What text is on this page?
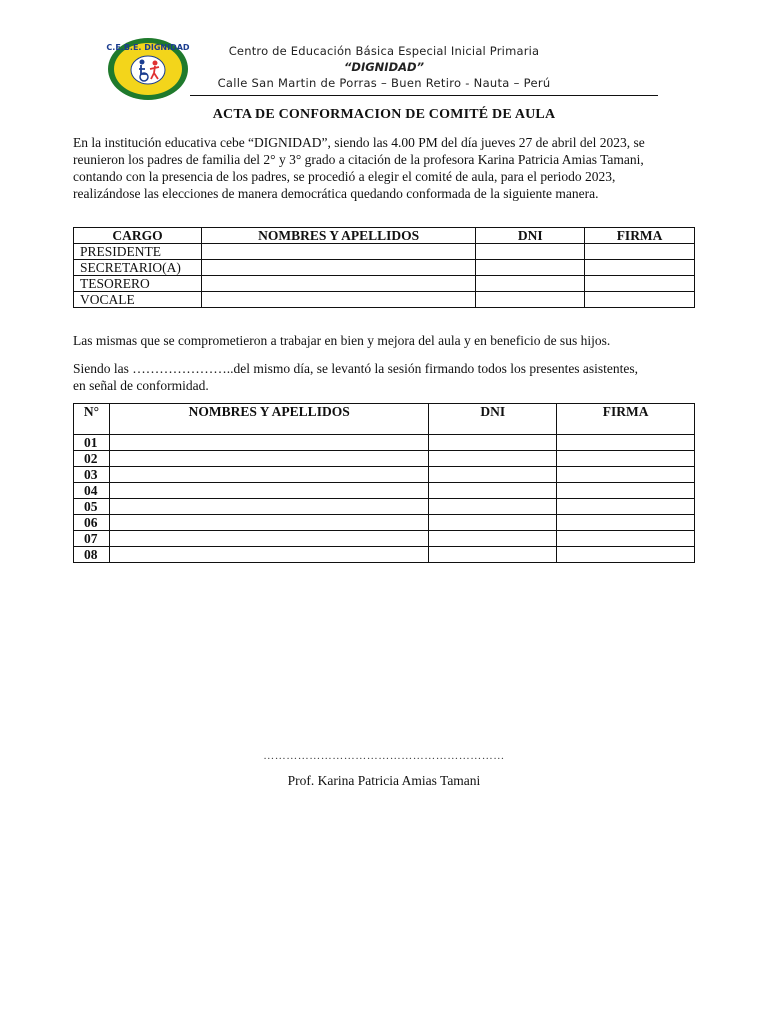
C.E.B.E. DIGNIDAD	Centro de Educación Básica Especial Inicial Primaria
“DIGNIDAD”
Calle San Martin de Porras – Buen Retiro - Nauta – Perú
ACTA DE CONFORMACION DE COMITÉ DE AULA

En la institución educativa cebe “DIGNIDAD”, siendo las 4.00 PM del día jueves 27 de abril del 2023, se reunieron los padres de familia del 2° y 3° grado a citación de la profesora Karina Patricia Amias Tamani, contando con la presencia de los padres, se procedió a elegir el comité de aula, para el periodo 2023, realizándose las elecciones de manera democrática quedando conformada de la siguiente manera.

CARGO	NOMBRES Y APELLIDOS	DNI	FIRMA
PRESIDENTE			
SECRETARIO(A)			
TESORERO			
VOCALE			

Las mismas que se comprometieron a trabajar en bien y mejora del aula y en beneficio de sus hijos.

Siendo las …………………..del mismo día, se levantó la sesión firmando todos los presentes asistentes,
en señal de conformidad.
N°	NOMBRES Y APELLIDOS	DNI	FIRMA
01			
02			
03			
04			
05			
06			
07			
08			
………………………………………………………
Prof. Karina Patricia Amias Tamani
